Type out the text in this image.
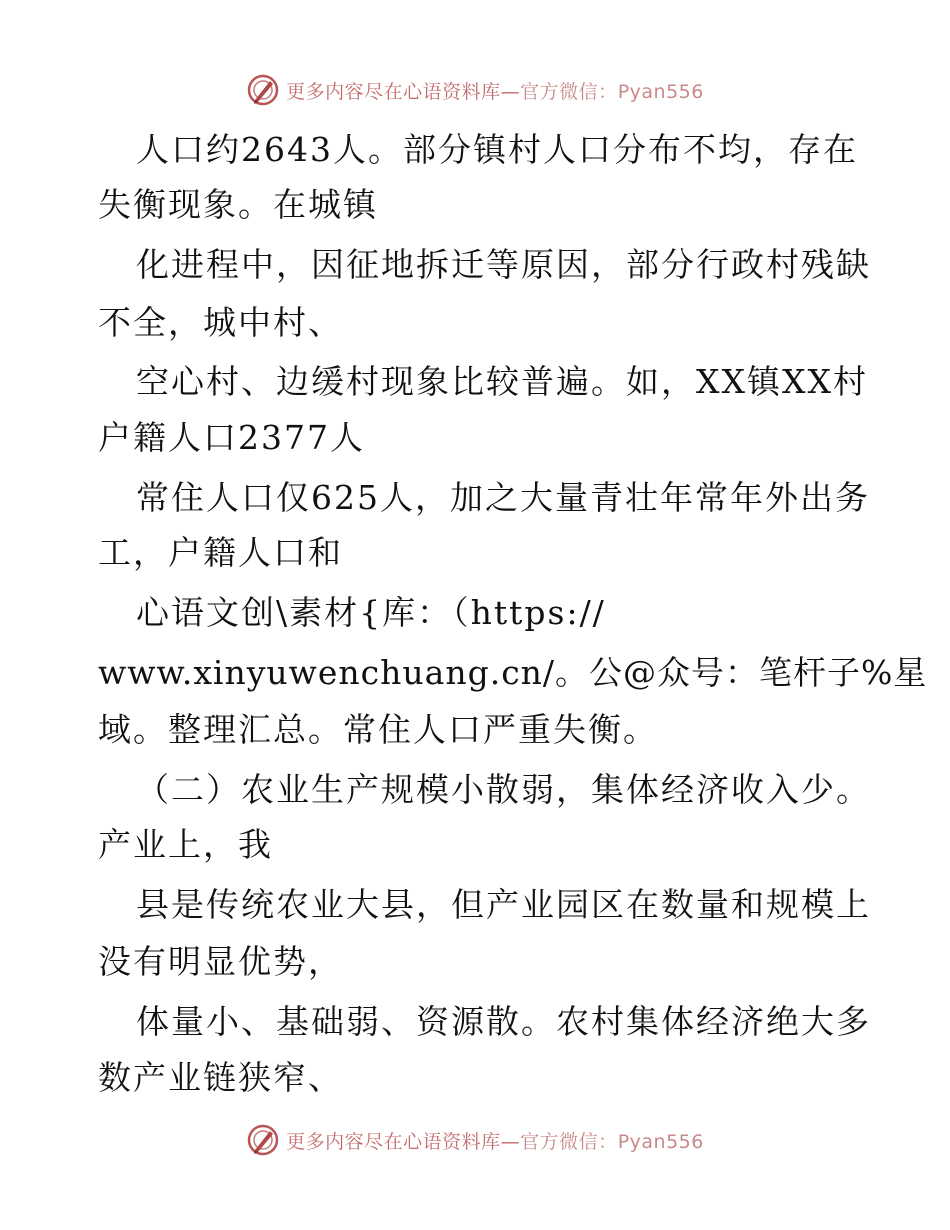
更多内容尽在心语资料库—官方微信：Pyan556
人口约2643人。部分镇村人口分布不均，存在
失衡现象。在城镇
化进程中，因征地拆迁等原因，部分行政村残缺
不全，城中村、
空心村、边缓村现象比较普遍。如，XX镇XX村
户籍人口2377人
常住人口仅625人，加之大量青壮年常年外出务
工，户籍人口和
心语文创\素材{库：（https://
www.xinyuwenchuang.cn/。公@众号：笔杆子%星
域。整理汇总。常住人口严重失衡。
（二）农业生产规模小散弱，集体经济收入少。
产业上，我
县是传统农业大县，但产业园区在数量和规模上
没有明显优势，
体量小、基础弱、资源散。农村集体经济绝大多
数产业链狭窄、
更多内容尽在心语资料库—官方微信：Pyan556
